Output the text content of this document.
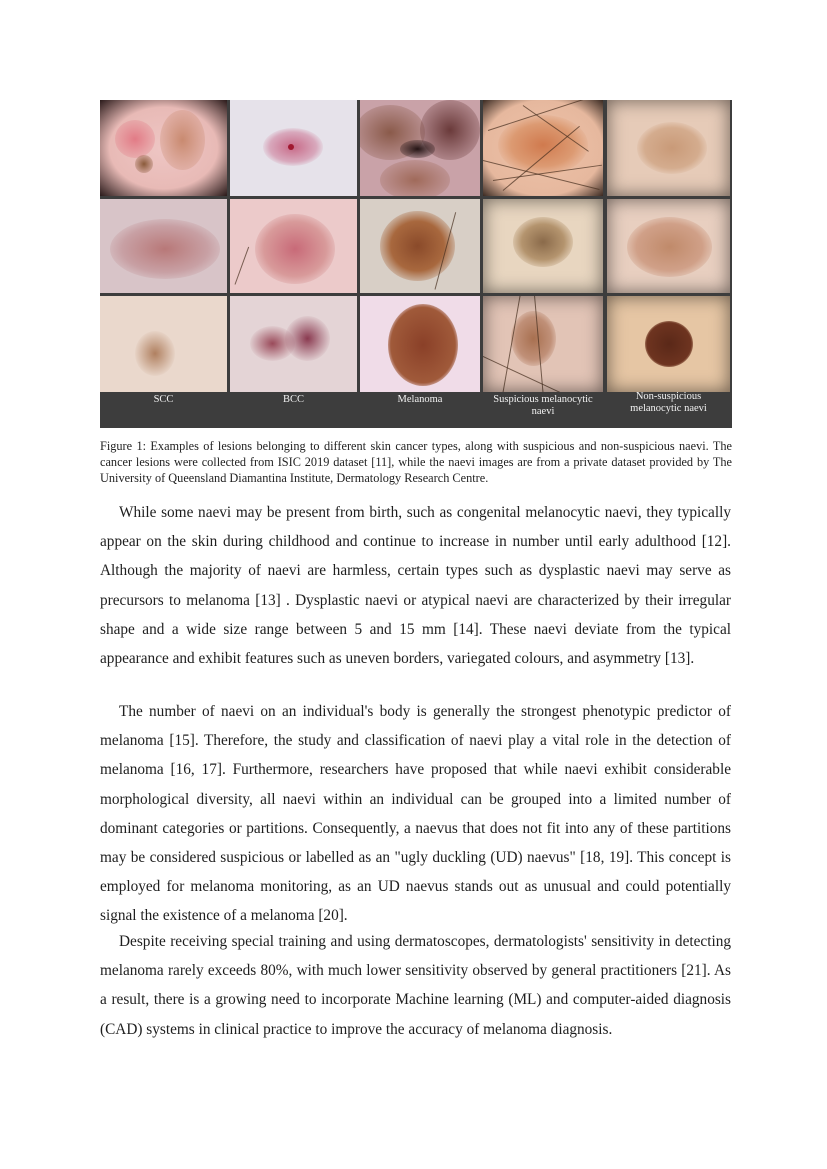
SCC	BCC	Melanoma	Suspicious melanocytic
naevi
Non-suspicious
melanocytic naevi
Figure 1: Examples of lesions belonging to different skin cancer types, along with suspicious and non-suspicious naevi. The cancer lesions were collected from ISIC 2019 dataset [11], while the naevi images are from a private dataset provided by The University of Queensland Diamantina Institute, Dermatology Research Centre.

While some naevi may be present from birth, such as congenital melanocytic naevi, they typically appear on the skin during childhood and continue to increase in number until early adulthood [12]. Although the majority of naevi are harmless, certain types such as dysplastic naevi may serve as precursors to melanoma [13] . Dysplastic naevi or atypical naevi are characterized by their irregular shape and a wide size range between 5 and 15 mm [14]. These naevi deviate from the typical appearance and exhibit features such as uneven borders, variegated colours, and asymmetry [13].

The number of naevi on an individual's body is generally the strongest phenotypic predictor of melanoma [15]. Therefore, the study and classification of naevi play a vital role in the detection of melanoma [16, 17]. Furthermore, researchers have proposed that while naevi exhibit considerable morphological diversity, all naevi within an individual can be grouped into a limited number of dominant categories or partitions. Consequently, a naevus that does not fit into any of these partitions may be considered suspicious or labelled as an "ugly duckling (UD) naevus" [18, 19]. This concept is employed for melanoma monitoring, as an UD naevus stands out as unusual and could potentially signal the existence of a melanoma [20].

Despite receiving special training and using dermatoscopes, dermatologists' sensitivity in detecting melanoma rarely exceeds 80%, with much lower sensitivity observed by general practitioners [21]. As a result, there is a growing need to incorporate Machine learning (ML) and computer-aided diagnosis (CAD) systems in clinical practice to improve the accuracy of melanoma diagnosis.
